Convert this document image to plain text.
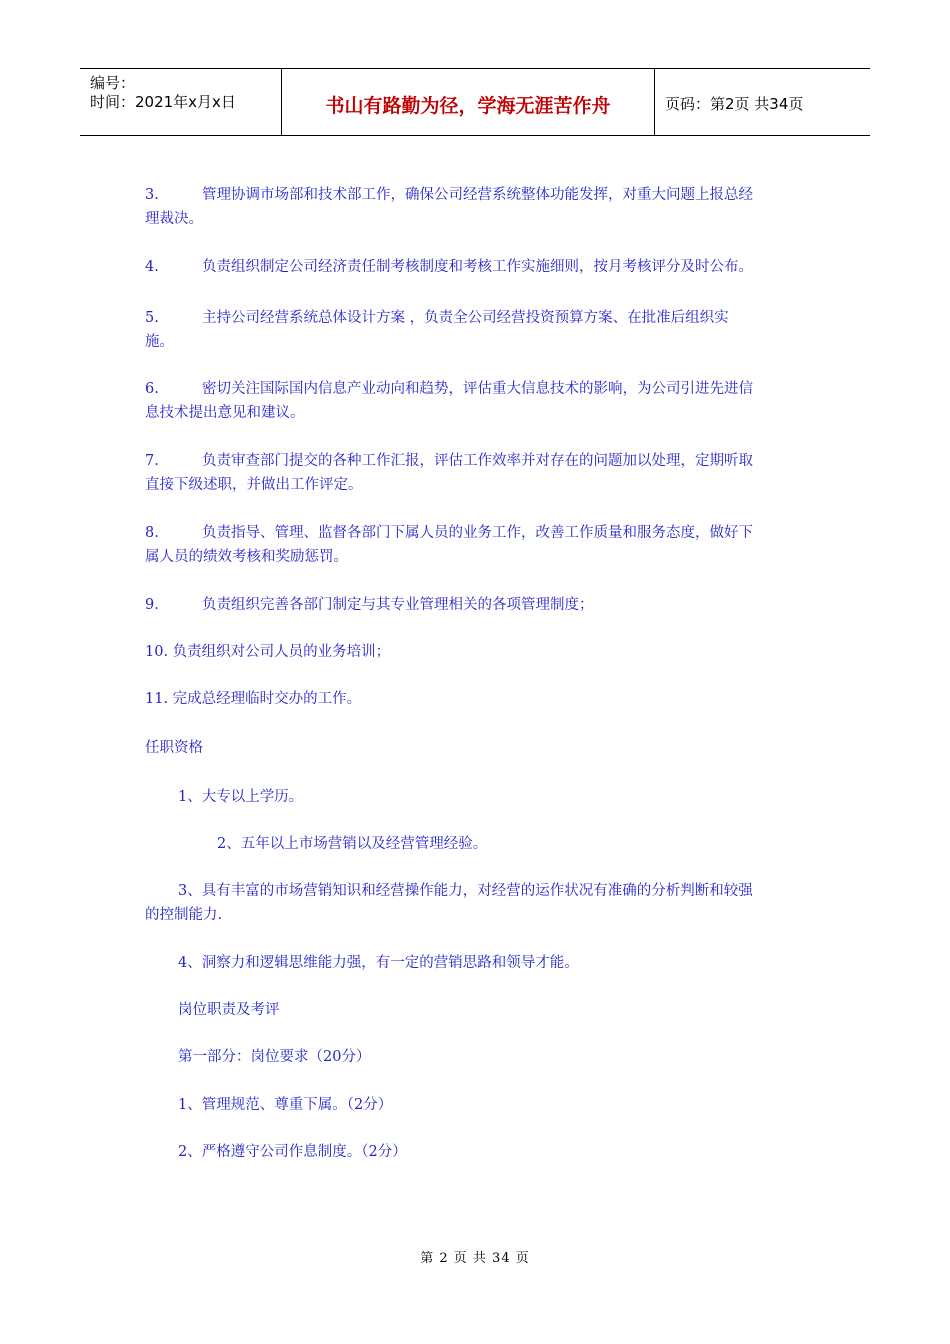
编号：
时间：2021年x月x日	书山有路勤为径，学海无涯苦作舟	页码：第2页 共34页
3.	管理协调市场部和技术部工作，确保公司经营系统整体功能发挥，对重大问题上报总经
理裁决。
4.	负责组织制定公司经济责任制考核制度和考核工作实施细则，按月考核评分及时公布。
5.	主持公司经营系统总体设计方案 ，负责全公司经营投资预算方案、在批准后组织实
施。
6.	密切关注国际国内信息产业动向和趋势，评估重大信息技术的影响，为公司引进先进信
息技术提出意见和建议。
7.	负责审查部门提交的各种工作汇报，评估工作效率并对存在的问题加以处理，定期听取
直接下级述职，并做出工作评定。
8.	负责指导、管理、监督各部门下属人员的业务工作，改善工作质量和服务态度，做好下
属人员的绩效考核和奖励惩罚。
9.	负责组织完善各部门制定与其专业管理相关的各项管理制度；
10. 负责组织对公司人员的业务培训；
11. 完成总经理临时交办的工作。
任职资格
1、大专以上学历。
2、五年以上市场营销以及经营管理经验。
3、具有丰富的市场营销知识和经营操作能力，对经营的运作状况有准确的分析判断和较强
的控制能力.
4、洞察力和逻辑思维能力强，有一定的营销思路和领导才能。
岗位职责及考评
第一部分：岗位要求（20分）
1、管理规范、尊重下属。（2分）
2、严格遵守公司作息制度。（2分）
第 2 页 共 34 页
